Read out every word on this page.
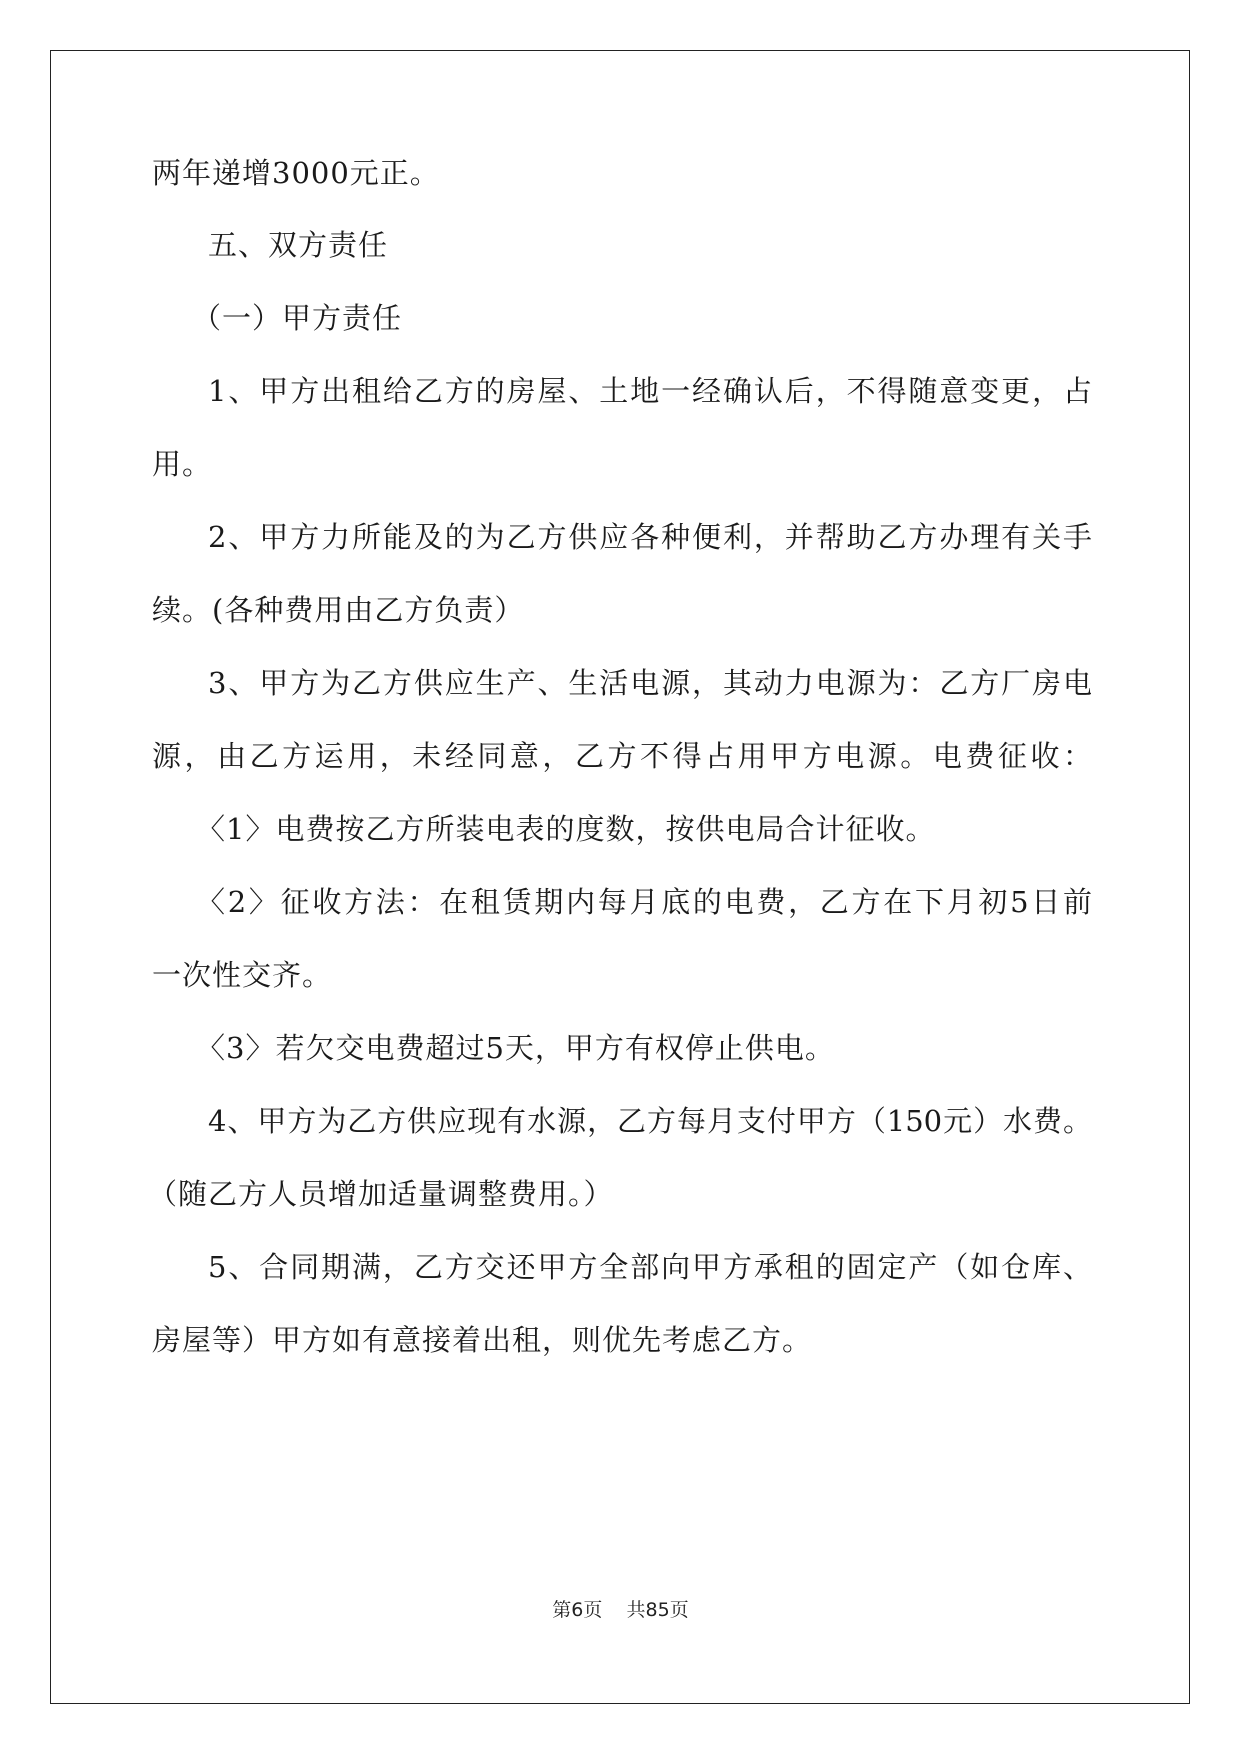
两年递增3000元正。
五、双方责任
（一）甲方责任
1、甲方出租给乙方的房屋、土地一经确认后，不得随意变更，占
用。
2、甲方力所能及的为乙方供应各种便利，并帮助乙方办理有关手
续。(各种费用由乙方负责）
3、甲方为乙方供应生产、生活电源，其动力电源为：乙方厂房电
源，由乙方运用，未经同意，乙方不得占用甲方电源。电费征收：
〈1〉电费按乙方所装电表的度数，按供电局合计征收。
〈2〉征收方法：在租赁期内每月底的电费，乙方在下月初5日前
一次性交齐。
〈3〉若欠交电费超过5天，甲方有权停止供电。
4、甲方为乙方供应现有水源，乙方每月支付甲方（150元）水费。
（随乙方人员增加适量调整费用。）
5、合同期满，乙方交还甲方全部向甲方承租的固定产（如仓库、
房屋等）甲方如有意接着出租，则优先考虑乙方。
第6页 共85页
